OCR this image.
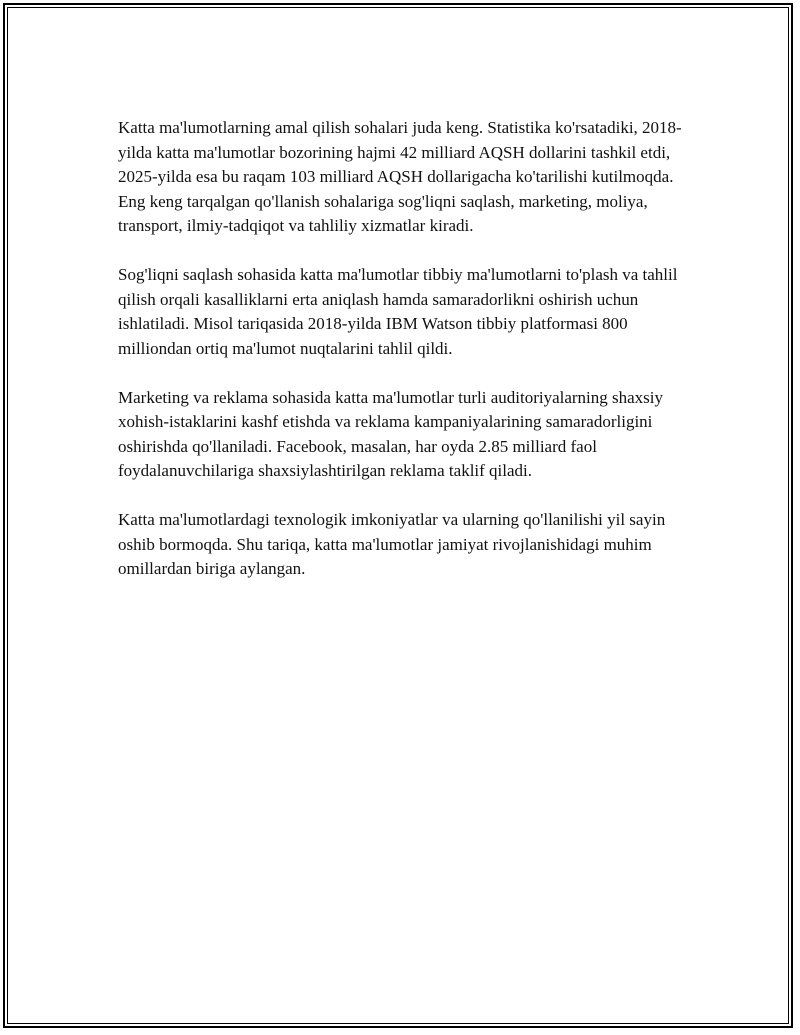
Katta ma'lumotlarning amal qilish sohalari juda keng. Statistika ko'rsatadiki, 2018-yilda katta ma'lumotlar bozorining hajmi 42 milliard AQSH dollarini tashkil etdi, 2025-yilda esa bu raqam 103 milliard AQSH dollarigacha ko'tarilishi kutilmoqda. Eng keng tarqalgan qo'llanish sohalariga sog'liqni saqlash, marketing, moliya, transport, ilmiy-tadqiqot va tahliliy xizmatlar kiradi.

Sog'liqni saqlash sohasida katta ma'lumotlar tibbiy ma'lumotlarni to'plash va tahlil qilish orqali kasalliklarni erta aniqlash hamda samaradorlikni oshirish uchun ishlatiladi. Misol tariqasida 2018-yilda IBM Watson tibbiy platformasi 800 milliondan ortiq ma'lumot nuqtalarini tahlil qildi.

Marketing va reklama sohasida katta ma'lumotlar turli auditoriyalarning shaxsiy xohish-istaklarini kashf etishda va reklama kampaniyalarining samaradorligini oshirishda qo'llaniladi. Facebook, masalan, har oyda 2.85 milliard faol foydalanuvchilariga shaxsiylashtirilgan reklama taklif qiladi.

Katta ma'lumotlardagi texnologik imkoniyatlar va ularning qo'llanilishi yil sayin oshib bormoqda. Shu tariqa, katta ma'lumotlar jamiyat rivojlanishidagi muhim omillardan biriga aylangan.
